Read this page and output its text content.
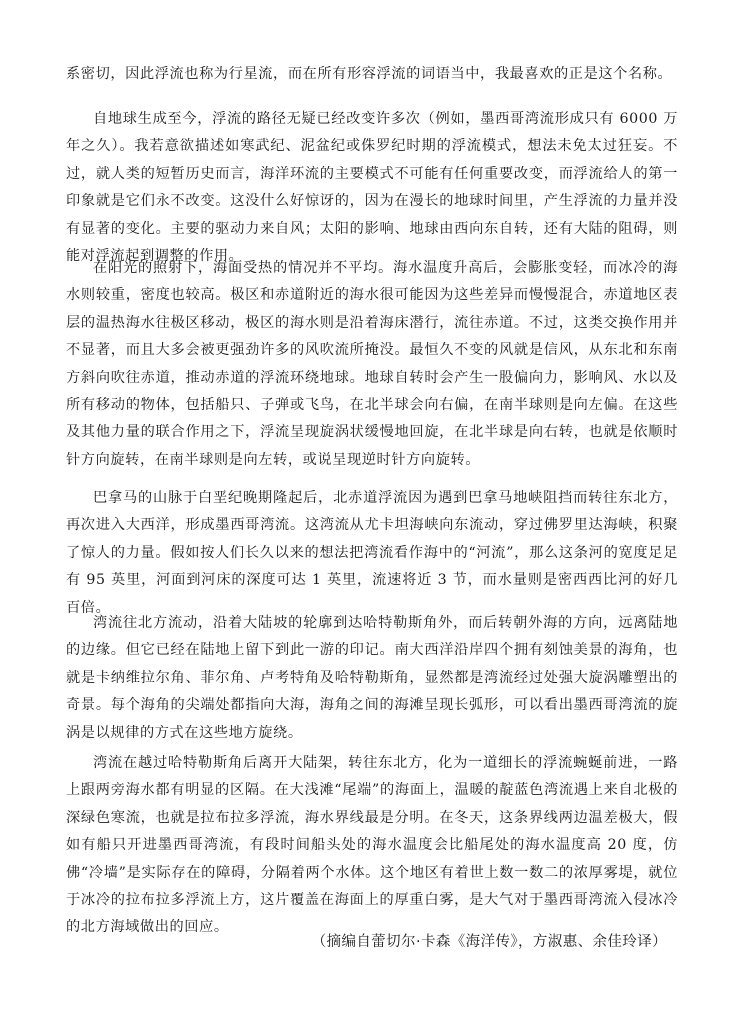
系密切，因此浮流也称为行星流，而在所有形容浮流的词语当中，我最喜欢的正是这个名称。

自地球生成至今，浮流的路径无疑已经改变许多次（例如，墨西哥湾流形成只有 6000 万年之久）。我若意欲描述如寒武纪、泥盆纪或侏罗纪时期的浮流模式，想法未免太过狂妄。不过，就人类的短暂历史而言，海洋环流的主要模式不可能有任何重要改变，而浮流给人的第一印象就是它们永不改变。这没什么好惊讶的，因为在漫长的地球时间里，产生浮流的力量并没有显著的变化。主要的驱动力来自风；太阳的影响、地球由西向东自转，还有大陆的阻碍，则能对浮流起到调整的作用。

在阳光的照射下，海面受热的情况并不平均。海水温度升高后，会膨胀变轻，而冰冷的海水则较重，密度也较高。极区和赤道附近的海水很可能因为这些差异而慢慢混合，赤道地区表层的温热海水往极区移动，极区的海水则是沿着海床潜行，流往赤道。不过，这类交换作用并不显著，而且大多会被更强劲许多的风吹流所掩没。最恒久不变的风就是信风，从东北和东南方斜向吹往赤道，推动赤道的浮流环绕地球。地球自转时会产生一股偏向力，影响风、水以及所有移动的物体，包括船只、子弹或飞鸟，在北半球会向右偏，在南半球则是向左偏。在这些及其他力量的联合作用之下，浮流呈现旋涡状缓慢地回旋，在北半球是向右转，也就是依顺时针方向旋转，在南半球则是向左转，或说呈现逆时针方向旋转。

巴拿马的山脉于白垩纪晚期隆起后，北赤道浮流因为遇到巴拿马地峡阻挡而转往东北方，再次进入大西洋，形成墨西哥湾流。这湾流从尤卡坦海峡向东流动，穿过佛罗里达海峡，积聚了惊人的力量。假如按人们长久以来的想法把湾流看作海中的“河流”，那么这条河的宽度足足有 95 英里，河面到河床的深度可达 1 英里，流速将近 3 节，而水量则是密西西比河的好几百倍。

湾流往北方流动，沿着大陆坡的轮廓到达哈特勒斯角外，而后转朝外海的方向，远离陆地的边缘。但它已经在陆地上留下到此一游的印记。南大西洋沿岸四个拥有刻蚀美景的海角，也就是卡纳维拉尔角、菲尔角、卢考特角及哈特勒斯角，显然都是湾流经过处强大旋涡雕塑出的奇景。每个海角的尖端处都指向大海，海角之间的海滩呈现长弧形，可以看出墨西哥湾流的旋涡是以规律的方式在这些地方旋绕。

湾流在越过哈特勒斯角后离开大陆架，转往东北方，化为一道细长的浮流蜿蜒前进，一路上跟两旁海水都有明显的区隔。在大浅滩“尾端”的海面上，温暖的靛蓝色湾流遇上来自北极的深绿色寒流，也就是拉布拉多浮流，海水界线最是分明。在冬天，这条界线两边温差极大，假如有船只开进墨西哥湾流，有段时间船头处的海水温度会比船尾处的海水温度高 20 度，仿佛“冷墙”是实际存在的障碍，分隔着两个水体。这个地区有着世上数一数二的浓厚雾堤，就位于冰冷的拉布拉多浮流上方，这片覆盖在海面上的厚重白雾，是大气对于墨西哥湾流入侵冰冷的北方海域做出的回应。

（摘编自蕾切尔·卡森《海洋传》，方淑惠、余佳玲译）
